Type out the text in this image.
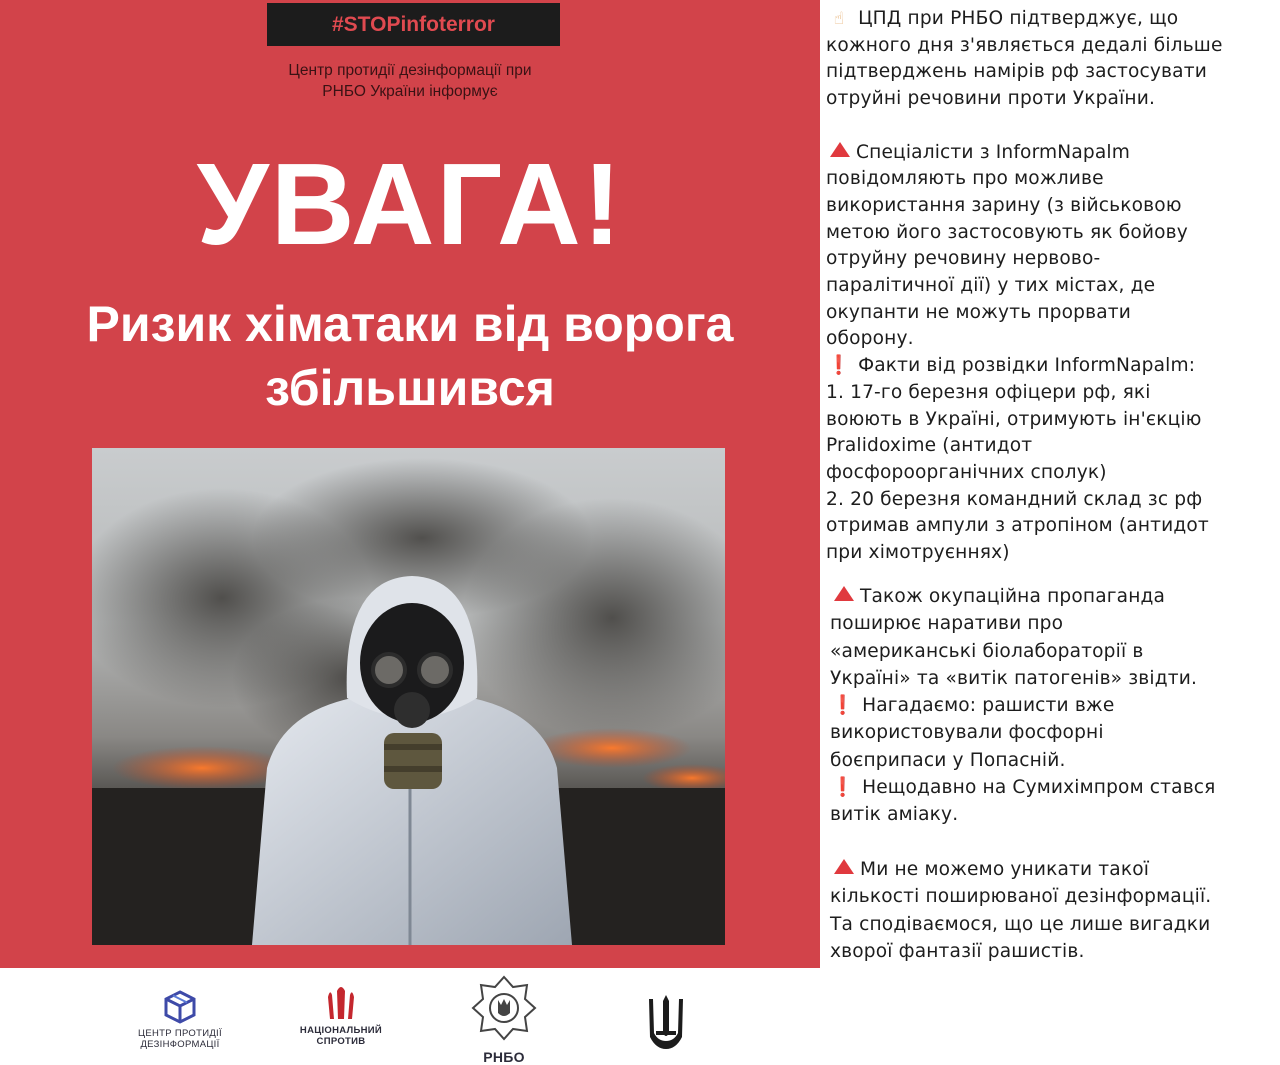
#STOPinfoterror
Центр протидії дезінформації при
РНБО України інформує
УВАГА!
Ризик хіматаки від ворога
збільшився
ЦЕНТР ПРОТИДІЇ
ДЕЗІНФОРМАЦІЇ
НАЦІОНАЛЬНИЙ
СПРОТИВ
РНБО
☝ ЦПД при РНБО підтверджує, що
кожного дня з'являється дедалі більше
підтверджень намірів рф застосувати
отруйні речовини проти України.
Спеціалісти з InformNapalm
повідомляють про можливе
використання зарину (з військовою
метою його застосовують як бойову
отруйну речовину нервово-
паралітичної дії) у тих містах, де
окупанти не можуть прорвати
оборону.
❗ Факти від розвідки InformNapalm:
1. 17-го березня офіцери рф, які
воюють в Україні, отримують ін'єкцію
Pralidoxime (антидот
фосфороорганічних сполук)
2. 20 березня командний склад зс рф
отримав ампули з атропіном (антидот
при хімотруєннях)
Також окупаційна пропаганда
поширює наративи про
«американські біолабораторії в
Україні» та «витік патогенів» звідти.
❗ Нагадаємо: рашисти вже
використовували фосфорні
боєприпаси у Попасній.
❗ Нещодавно на Сумихімпром стався
витік аміаку.
Ми не можемо уникати такої
кількості поширюваної дезінформації.
Та сподіваємося, що це лише вигадки
хворої фантазії рашистів.
